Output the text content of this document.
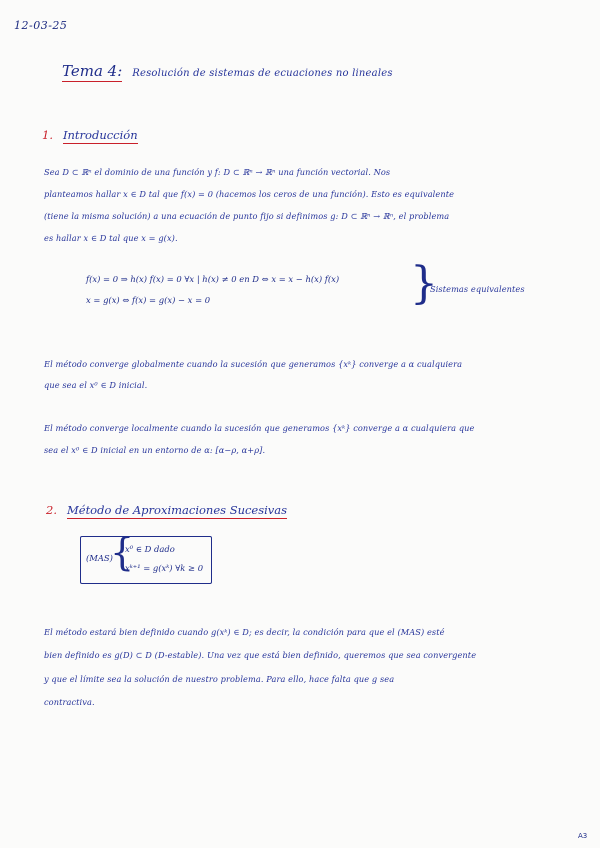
12-03-25
Tema 4: Resolución de sistemas de ecuaciones no lineales
1. Introducción
Sea D ⊂ ℝⁿ el dominio de una función y f: D ⊂ ℝⁿ → ℝⁿ una función vectorial. Nos
planteamos hallar x ∈ D tal que f(x) = 0 (hacemos los ceros de una función). Esto es equivalente
(tiene la misma solución) a una ecuación de punto fijo si definimos g: D ⊂ ℝⁿ → ℝⁿ, el problema
es hallar x ∈ D tal que x = g(x).
f(x) = 0 ⇒ h(x) f(x) = 0 ∀x | h(x) ≠ 0 en D ⇔ x = x − h(x) f(x)
x = g(x) ⇔ f(x) = g(x) − x = 0	}
Sistemas equivalentes
El método converge globalmente cuando la sucesión que generamos {xᵏ} converge a α cualquiera
que sea el x⁰ ∈ D inicial.
El método converge localmente cuando la sucesión que generamos {xᵏ} converge a α cualquiera que
sea el x⁰ ∈ D inicial en un entorno de α: [α−ρ, α+ρ].
2. Método de Aproximaciones Sucesivas
(MAS)
{
x⁰ ∈ D dado
xᵏ⁺¹ = g(xᵏ) ∀k ≥ 0
El método estará bien definido cuando g(xᵏ) ∈ D; es decir, la condición para que el (MAS) esté
bien definido es g(D) ⊂ D (D-estable). Una vez que está bien definido, queremos que sea convergente
y que el límite sea la solución de nuestro problema. Para ello, hace falta que g sea
contractiva.
A3
